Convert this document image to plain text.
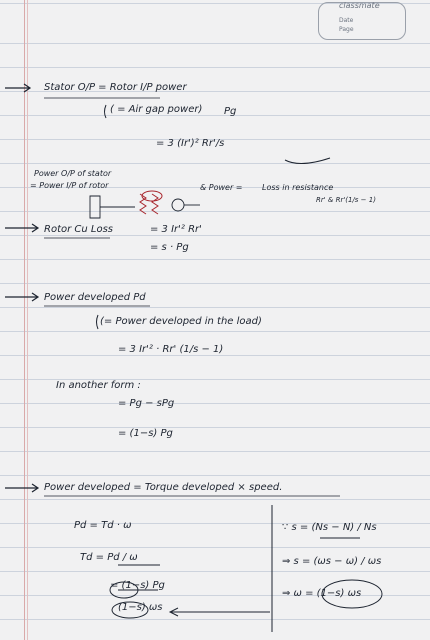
classmate
Date
Page
Stator O/P = Rotor I/P power
( = Air gap power) Pg
= 3 (Ir')² Rr'/s
Power O/P of stator
= Power I/P of rotor	& Power = Loss in resistance
Rr' & Rr'(1/s − 1)
Rotor Cu Loss	= 3 Ir'² Rr'
= s · Pg
Power developed Pd
(= Power developed in the load)
= 3 Ir'² · Rr' (1/s − 1)
In another form :
= Pg − sPg
= (1−s) Pg
Power developed = Torque developed × speed.
Pd = Td · ω
Td = Pd / ω
= (1−s) Pg
(1−s) ωs
∵ s = (Ns − N) / Ns
⇒ s = (ωs − ω) / ωs
⇒ ω = (1−s) ωs
